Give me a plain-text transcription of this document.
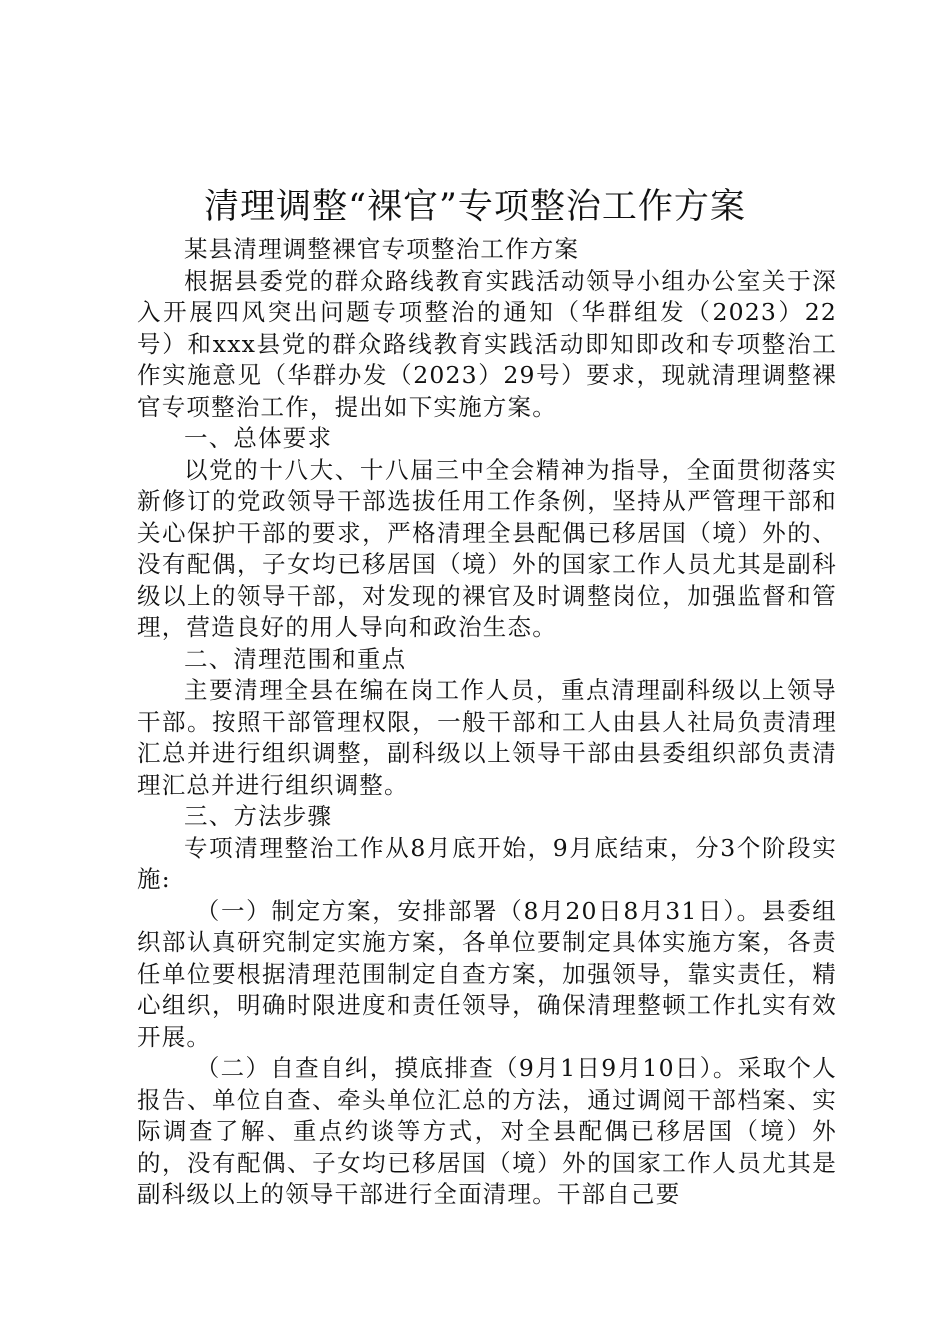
清理调整“裸官”专项整治工作方案

某县清理调整裸官专项整治工作方案

根据县委党的群众路线教育实践活动领导小组办公室关于深入开展四风突出问题专项整治的通知（华群组发（2023）22号）和xxx县党的群众路线教育实践活动即知即改和专项整治工作实施意见（华群办发（2023）29号）要求，现就清理调整裸官专项整治工作，提出如下实施方案。

一、总体要求

以党的十八大、十八届三中全会精神为指导，全面贯彻落实新修订的党政领导干部选拔任用工作条例，坚持从严管理干部和关心保护干部的要求，严格清理全县配偶已移居国（境）外的、没有配偶，子女均已移居国（境）外的国家工作人员尤其是副科级以上的领导干部，对发现的裸官及时调整岗位，加强监督和管理，营造良好的用人导向和政治生态。

二、清理范围和重点

主要清理全县在编在岗工作人员，重点清理副科级以上领导干部。按照干部管理权限，一般干部和工人由县人社局负责清理汇总并进行组织调整，副科级以上领导干部由县委组织部负责清理汇总并进行组织调整。

三、方法步骤

专项清理整治工作从8月底开始，9月底结束，分3个阶段实施:

（一）制定方案，安排部署（8月20日8月31日）。县委组织部认真研究制定实施方案，各单位要制定具体实施方案，各责任单位要根据清理范围制定自查方案，加强领导，靠实责任，精心组织，明确时限进度和责任领导，确保清理整顿工作扎实有效开展。

（二）自查自纠，摸底排查（9月1日9月10日）。采取个人报告、单位自查、牵头单位汇总的方法，通过调阅干部档案、实际调查了解、重点约谈等方式，对全县配偶已移居国（境）外的，没有配偶、子女均已移居国（境）外的国家工作人员尤其是副科级以上的领导干部进行全面清理。干部自己要
